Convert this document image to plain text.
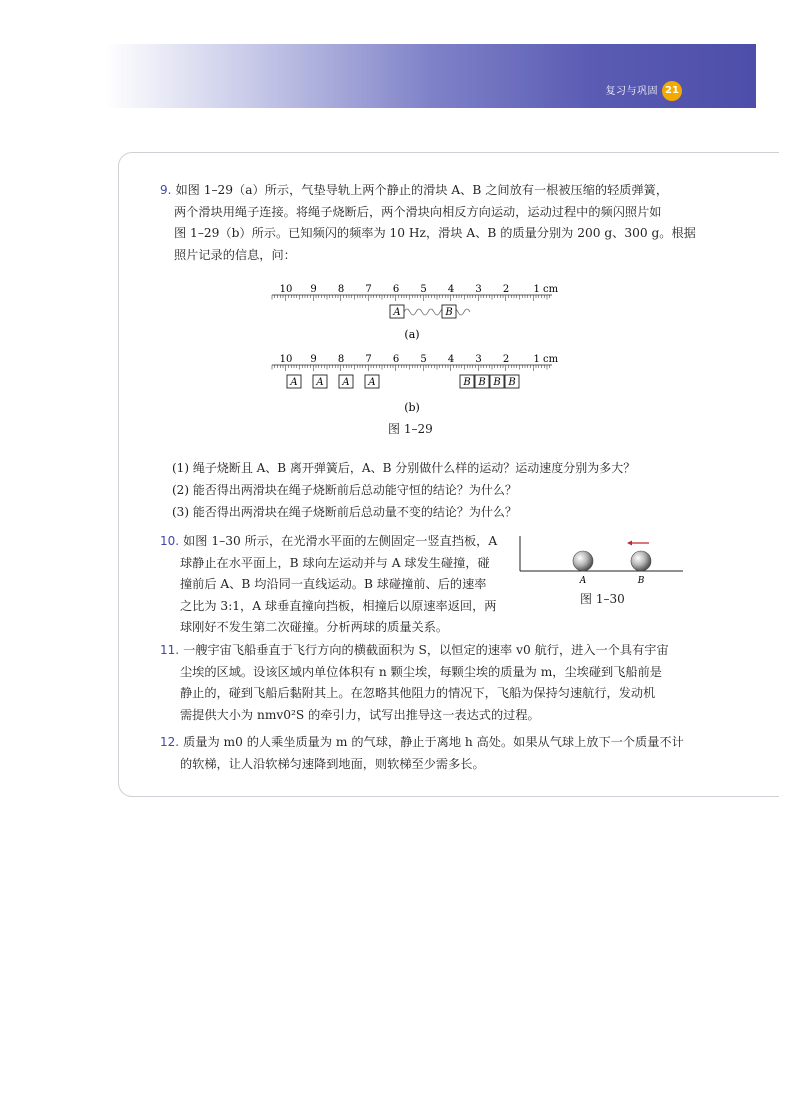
复习与巩固 21
9. 如图 1–29（a）所示，气垫导轨上两个静止的滑块 A、B 之间放有一根被压缩的轻质弹簧，
两个滑块用绳子连接。将绳子烧断后，两个滑块向相反方向运动，运动过程中的频闪照片如
图 1–29（b）所示。已知频闪的频率为 10 Hz，滑块 A、B 的质量分别为 200 g、300 g。根据
照片记录的信息，问：
10 9 8 7 6 5 4 3 2 1 cm
A	B
(a)
10 9 8 7 6 5 4 3 2 1 cm
A A A A	B B B B
(b)
图 1–29
(1) 绳子烧断且 A、B 离开弹簧后，A、B 分别做什么样的运动？运动速度分别为多大？
(2) 能否得出两滑块在绳子烧断前后总动能守恒的结论？为什么？
(3) 能否得出两滑块在绳子烧断前后总动量不变的结论？为什么？
10. 如图 1–30 所示，在光滑水平面的左侧固定一竖直挡板，A
球静止在水平面上，B 球向左运动并与 A 球发生碰撞，碰
撞前后 A、B 均沿同一直线运动。B 球碰撞前、后的速率
之比为 3:1，A 球垂直撞向挡板，相撞后以原速率返回，两
球刚好不发生第二次碰撞。分析两球的质量关系。
A	B
图 1–30
11. 一艘宇宙飞船垂直于飞行方向的横截面积为 S，以恒定的速率 v0 航行，进入一个具有宇宙
尘埃的区域。设该区域内单位体积有 n 颗尘埃，每颗尘埃的质量为 m，尘埃碰到飞船前是
静止的，碰到飞船后黏附其上。在忽略其他阻力的情况下，飞船为保持匀速航行，发动机
需提供大小为 nmv0²S 的牵引力，试写出推导这一表达式的过程。
12. 质量为 m0 的人乘坐质量为 m 的气球，静止于离地 h 高处。如果从气球上放下一个质量不计
的软梯，让人沿软梯匀速降到地面，则软梯至少需多长。
